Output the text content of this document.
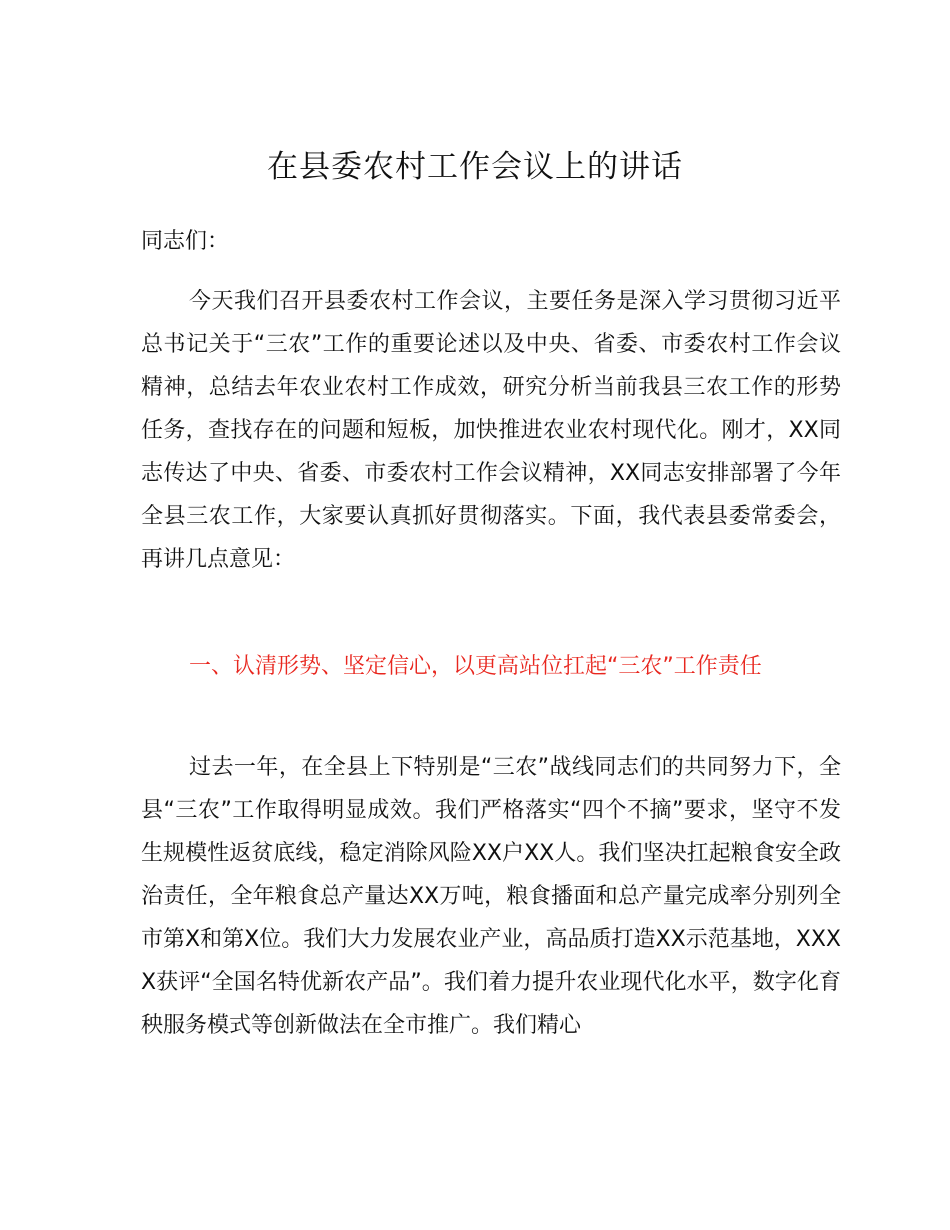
在县委农村工作会议上的讲话
同志们：

今天我们召开县委农村工作会议，主要任务是深入学习贯彻习近平总书记关于“三农”工作的重要论述以及中央、省委、市委农村工作会议精神，总结去年农业农村工作成效，研究分析当前我县三农工作的形势任务，查找存在的问题和短板，加快推进农业农村现代化。刚才，XX同志传达了中央、省委、市委农村工作会议精神，XX同志安排部署了今年全县三农工作，大家要认真抓好贯彻落实。下面，我代表县委常委会，再讲几点意见：

一、认清形势、坚定信心，以更高站位扛起“三农”工作责任

过去一年，在全县上下特别是“三农”战线同志们的共同努力下，全县“三农”工作取得明显成效。我们严格落实“四个不摘”要求，坚守不发生规模性返贫底线，稳定消除风险XX户XX人。我们坚决扛起粮食安全政治责任，全年粮食总产量达XX万吨，粮食播面和总产量完成率分别列全市第X和第X位。我们大力发展农业产业，高品质打造XX示范基地，XXXX获评“全国名特优新农产品”。我们着力提升农业现代化水平，数字化育秧服务模式等创新做法在全市推广。我们精心
